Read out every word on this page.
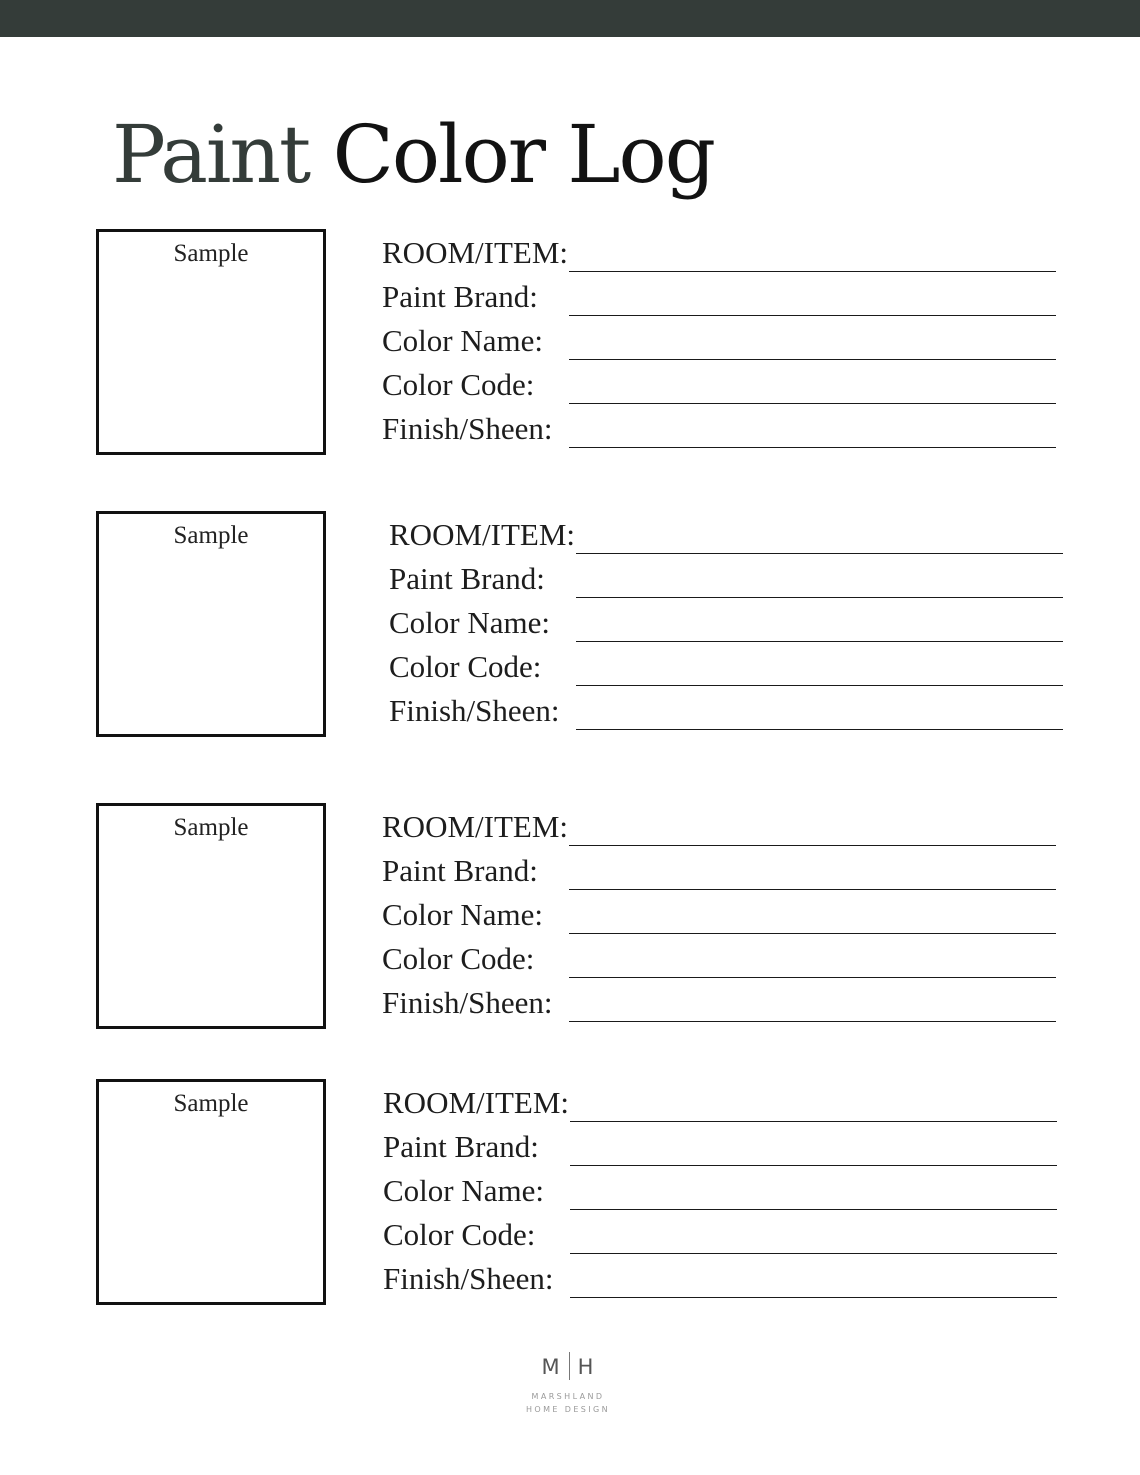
Paint Color Log
Sample	ROOM/ITEM:
Paint Brand:
Color Name:
Color Code:
Finish/Sheen:
Sample	ROOM/ITEM:
Paint Brand:
Color Name:
Color Code:
Finish/Sheen:
Sample	ROOM/ITEM:
Paint Brand:
Color Name:
Color Code:
Finish/Sheen:
Sample	ROOM/ITEM:
Paint Brand:
Color Name:
Color Code:
Finish/Sheen:
M H
MARSHLAND
HOME DESIGN
